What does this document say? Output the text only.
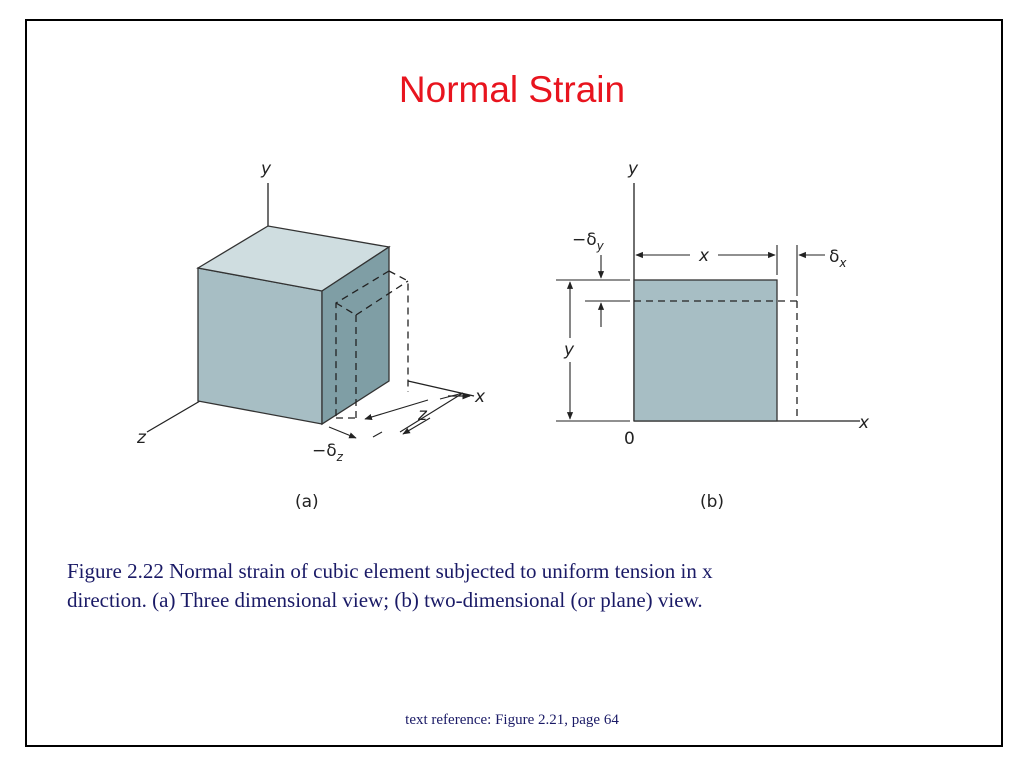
Normal Strain
y
z
x
z
$-\delta_z$
(a)
y
x
0
x	$\delta_x$
y
$-\delta_y$
(b)
Figure 2.22 Normal strain of cubic element subjected to uniform tension in x
direction. (a) Three dimensional view; (b) two-dimensional (or plane) view.
text reference: Figure 2.21, page 64
